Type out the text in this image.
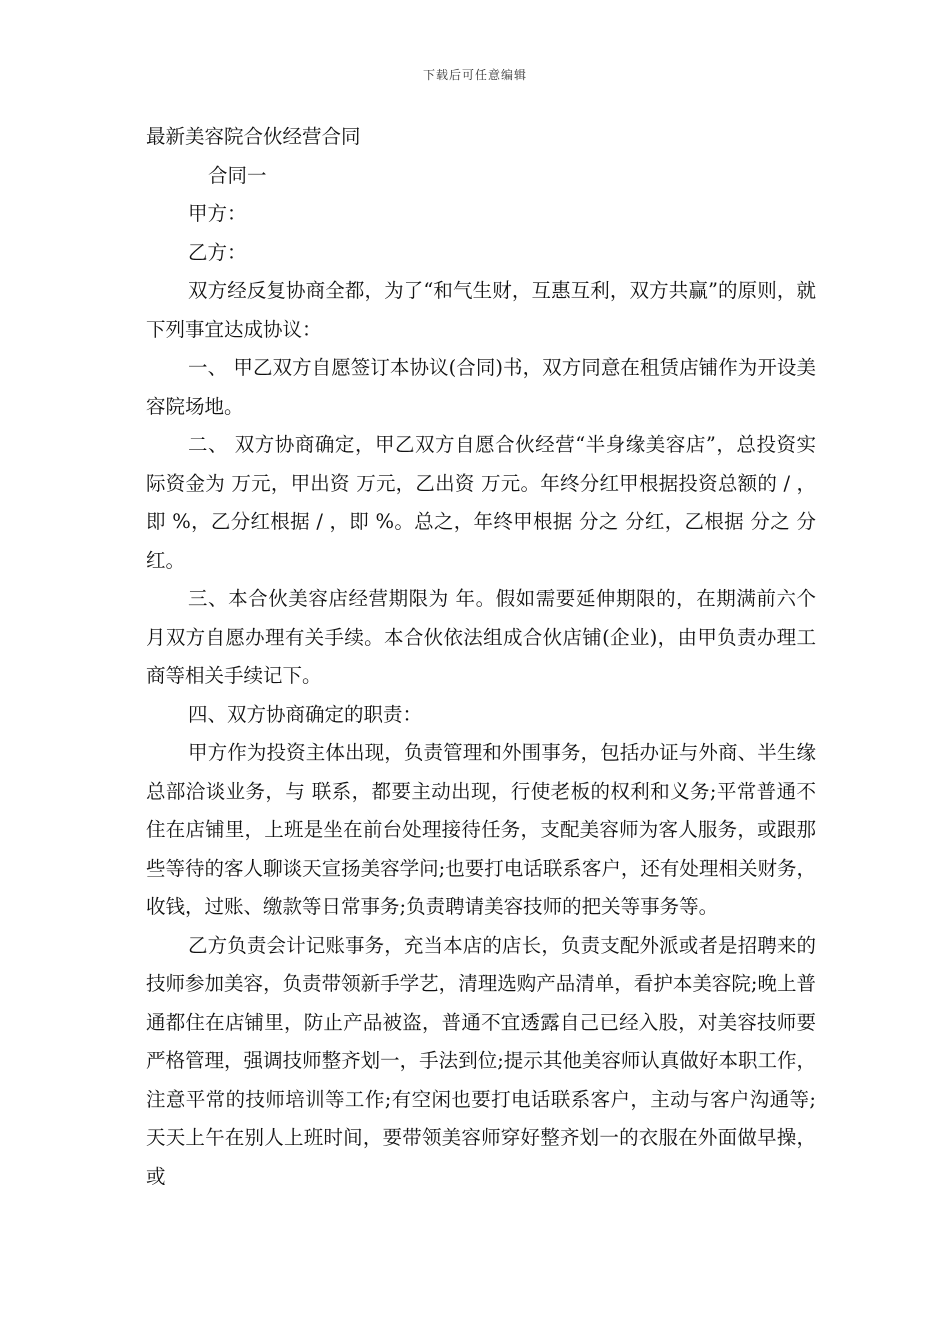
下载后可任意编辑

最新美容院合伙经营合同

合同一

甲方：

乙方：

双方经反复协商全都，为了“和气生财，互惠互利，双方共赢”的原则，就下列事宜达成协议：

一、 甲乙双方自愿签订本协议(合同)书，双方同意在租赁店铺作为开设美容院场地。

二、 双方协商确定，甲乙双方自愿合伙经营“半身缘美容店”，总投资实际资金为 万元，甲出资 万元，乙出资 万元。年终分红甲根据投资总额的 / ，即 %，乙分红根据 / ，即 %。总之，年终甲根据 分之 分红，乙根据 分之 分红。

三、本合伙美容店经营期限为 年。假如需要延伸期限的，在期满前六个月双方自愿办理有关手续。本合伙依法组成合伙店铺(企业)，由甲负责办理工商等相关手续记下。

四、双方协商确定的职责：

甲方作为投资主体出现，负责管理和外围事务，包括办证与外商、半生缘总部洽谈业务，与 联系，都要主动出现，行使老板的权利和义务;平常普通不住在店铺里，上班是坐在前台处理接待任务，支配美容师为客人服务，或跟那些等待的客人聊谈天宣扬美容学问;也要打电话联系客户，还有处理相关财务，收钱，过账、缴款等日常事务;负责聘请美容技师的把关等事务等。

乙方负责会计记账事务，充当本店的店长，负责支配外派或者是招聘来的技师参加美容，负责带领新手学艺，清理选购产品清单，看护本美容院;晚上普通都住在店铺里，防止产品被盗，普通不宜透露自己已经入股，对美容技师要严格管理，强调技师整齐划一，手法到位;提示其他美容师认真做好本职工作，注意平常的技师培训等工作;有空闲也要打电话联系客户，主动与客户沟通等;天天上午在别人上班时间，要带领美容师穿好整齐划一的衣服在外面做早操，或
